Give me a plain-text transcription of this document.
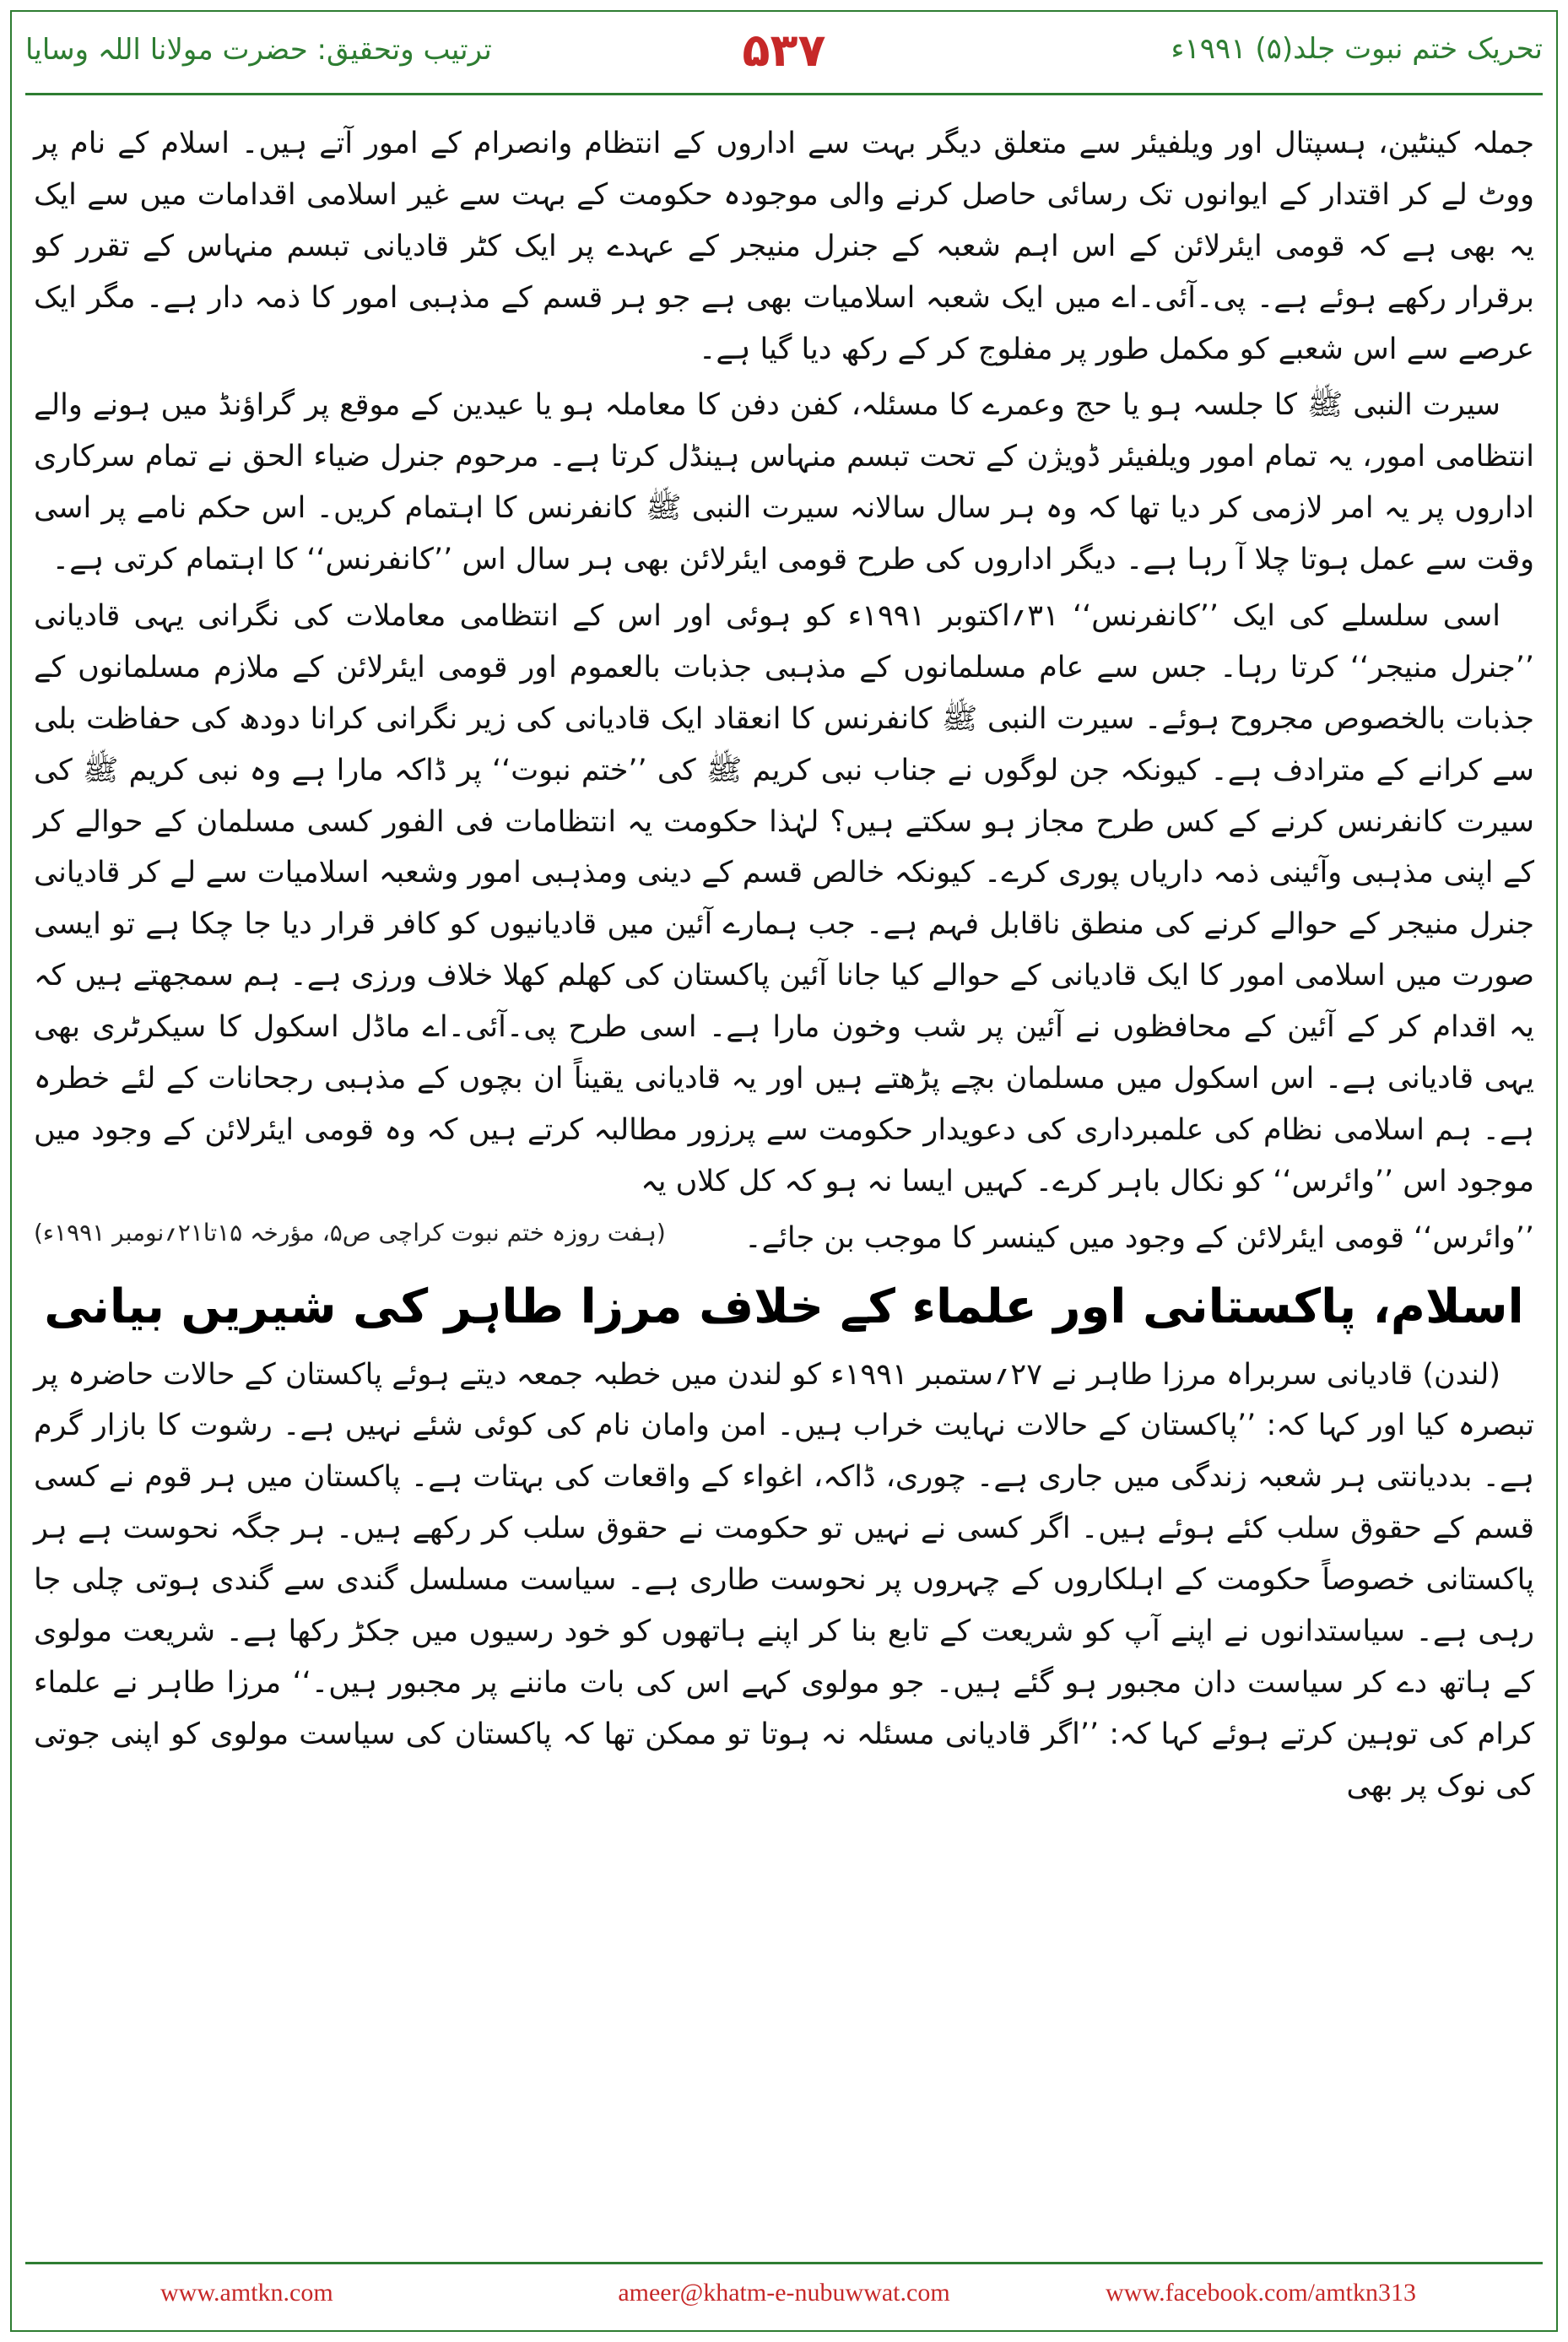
ترتیب وتحقیق: حضرت مولانا اللہ وسایا	۵۳۷	تحریک ختم نبوت جلد(۵) ۱۹۹۱ء

جملہ کینٹین، ہسپتال اور ویلفیئر سے متعلق دیگر بہت سے اداروں کے انتظام وانصرام کے امور آتے ہیں۔ اسلام کے نام پر ووٹ لے کر اقتدار کے ایوانوں تک رسائی حاصل کرنے والی موجودہ حکومت کے بہت سے غیر اسلامی اقدامات میں سے ایک یہ بھی ہے کہ قومی ایئرلائن کے اس اہم شعبہ کے جنرل منیجر کے عہدے پر ایک کٹر قادیانی تبسم منہاس کے تقرر کو برقرار رکھے ہوئے ہے۔ پی۔آئی۔اے میں ایک شعبہ اسلامیات بھی ہے جو ہر قسم کے مذہبی امور کا ذمہ دار ہے۔ مگر ایک عرصے سے اس شعبے کو مکمل طور پر مفلوج کر کے رکھ دیا گیا ہے۔

سیرت النبی ﷺ کا جلسہ ہو یا حج وعمرے کا مسئلہ، کفن دفن کا معاملہ ہو یا عیدین کے موقع پر گراؤنڈ میں ہونے والے انتظامی امور، یہ تمام امور ویلفیئر ڈویژن کے تحت تبسم منہاس ہینڈل کرتا ہے۔ مرحوم جنرل ضیاء الحق نے تمام سرکاری اداروں پر یہ امر لازمی کر دیا تھا کہ وہ ہر سال سالانہ سیرت النبی ﷺ کانفرنس کا اہتمام کریں۔ اس حکم نامے پر اسی وقت سے عمل ہوتا چلا آ رہا ہے۔ دیگر اداروں کی طرح قومی ایئرلائن بھی ہر سال اس ’’کانفرنس‘‘ کا اہتمام کرتی ہے۔

اسی سلسلے کی ایک ’’کانفرنس‘‘ ۳۱؍اکتوبر ۱۹۹۱ء کو ہوئی اور اس کے انتظامی معاملات کی نگرانی یہی قادیانی ’’جنرل منیجر‘‘ کرتا رہا۔ جس سے عام مسلمانوں کے مذہبی جذبات بالعموم اور قومی ایئرلائن کے ملازم مسلمانوں کے جذبات بالخصوص مجروح ہوئے۔ سیرت النبی ﷺ کانفرنس کا انعقاد ایک قادیانی کی زیر نگرانی کرانا دودھ کی حفاظت بلی سے کرانے کے مترادف ہے۔ کیونکہ جن لوگوں نے جناب نبی کریم ﷺ کی ’’ختم نبوت‘‘ پر ڈاکہ مارا ہے وہ نبی کریم ﷺ کی سیرت کانفرنس کرنے کے کس طرح مجاز ہو سکتے ہیں؟ لہٰذا حکومت یہ انتظامات فی الفور کسی مسلمان کے حوالے کر کے اپنی مذہبی وآئینی ذمہ داریاں پوری کرے۔ کیونکہ خالص قسم کے دینی ومذہبی امور وشعبہ اسلامیات سے لے کر قادیانی جنرل منیجر کے حوالے کرنے کی منطق ناقابل فہم ہے۔ جب ہمارے آئین میں قادیانیوں کو کافر قرار دیا جا چکا ہے تو ایسی صورت میں اسلامی امور کا ایک قادیانی کے حوالے کیا جانا آئین پاکستان کی کھلم کھلا خلاف ورزی ہے۔ ہم سمجھتے ہیں کہ یہ اقدام کر کے آئین کے محافظوں نے آئین پر شب وخون مارا ہے۔ اسی طرح پی۔آئی۔اے ماڈل اسکول کا سیکرٹری بھی یہی قادیانی ہے۔ اس اسکول میں مسلمان بچے پڑھتے ہیں اور یہ قادیانی یقیناً ان بچوں کے مذہبی رجحانات کے لئے خطرہ ہے۔ ہم اسلامی نظام کی علمبرداری کی دعویدار حکومت سے پرزور مطالبہ کرتے ہیں کہ وہ قومی ایئرلائن کے وجود میں موجود اس ’’وائرس‘‘ کو نکال باہر کرے۔ کہیں ایسا نہ ہو کہ کل کلاں یہ

’’وائرس‘‘ قومی ایئرلائن کے وجود میں کینسر کا موجب بن جائے۔
(ہفت روزہ ختم نبوت کراچی ص۵، مؤرخہ ۱۵تا۲۱؍نومبر ۱۹۹۱ء)
اسلام، پاکستانی اور علماء کے خلاف مرزا طاہر کی شیریں بیانی

(لندن) قادیانی سربراہ مرزا طاہر نے ۲۷؍ستمبر ۱۹۹۱ء کو لندن میں خطبہ جمعہ دیتے ہوئے پاکستان کے حالات حاضرہ پر تبصرہ کیا اور کہا کہ: ’’پاکستان کے حالات نہایت خراب ہیں۔ امن وامان نام کی کوئی شئے نہیں ہے۔ رشوت کا بازار گرم ہے۔ بددیانتی ہر شعبہ زندگی میں جاری ہے۔ چوری، ڈاکہ، اغواء کے واقعات کی بہتات ہے۔ پاکستان میں ہر قوم نے کسی قسم کے حقوق سلب کئے ہوئے ہیں۔ اگر کسی نے نہیں تو حکومت نے حقوق سلب کر رکھے ہیں۔ ہر جگہ نحوست ہے ہر پاکستانی خصوصاً حکومت کے اہلکاروں کے چہروں پر نحوست طاری ہے۔ سیاست مسلسل گندی سے گندی ہوتی چلی جا رہی ہے۔ سیاستدانوں نے اپنے آپ کو شریعت کے تابع بنا کر اپنے ہاتھوں کو خود رسیوں میں جکڑ رکھا ہے۔ شریعت مولوی کے ہاتھ دے کر سیاست دان مجبور ہو گئے ہیں۔ جو مولوی کہے اس کی بات ماننے پر مجبور ہیں۔‘‘ مرزا طاہر نے علماء کرام کی توہین کرتے ہوئے کہا کہ: ’’اگر قادیانی مسئلہ نہ ہوتا تو ممکن تھا کہ پاکستان کی سیاست مولوی کو اپنی جوتی کی نوک پر بھی

www.amtkn.com	ameer@khatm-e-nubuwwat.com	www.facebook.com/amtkn313
